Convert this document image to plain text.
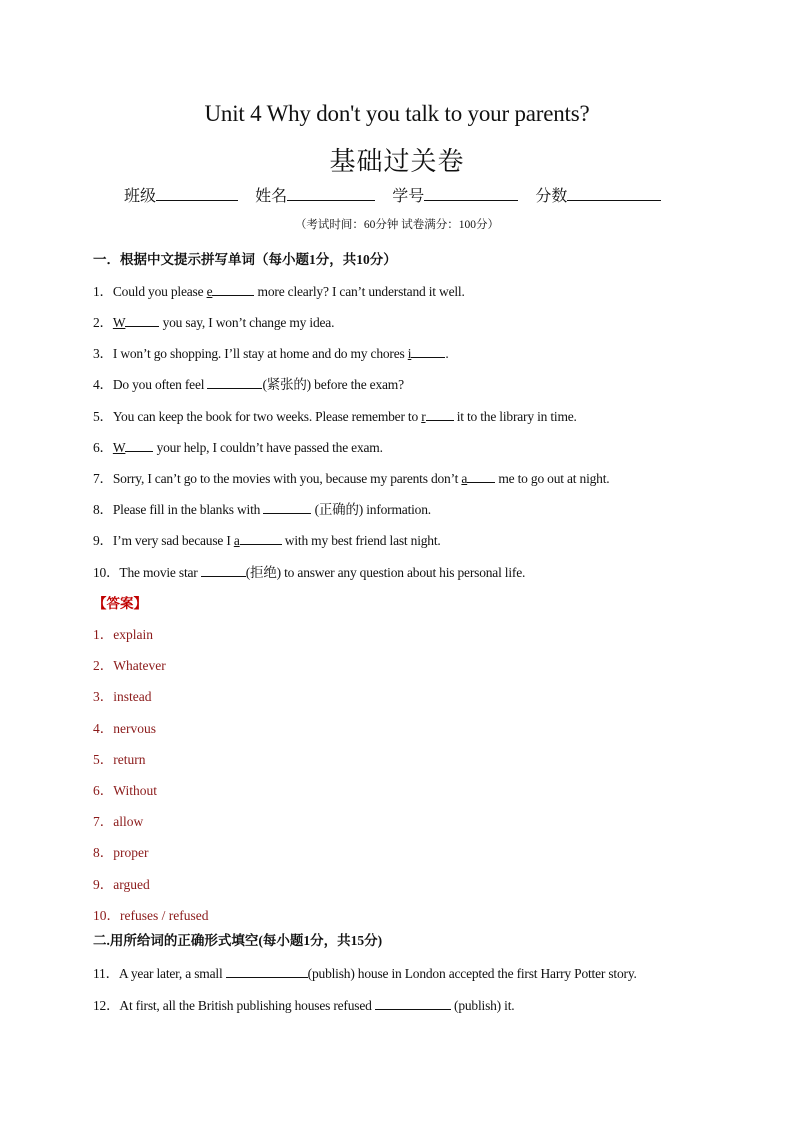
Unit 4 Why don't you talk to your parents?
基础过关卷
班级	姓名	学号	分数
（考试时间：60分钟 试卷满分：100分）
一．根据中文提示拼写单词（每小题1分，共10分）
1．Could you please e	more clearly? I can’t understand it well.
2．W	you say, I won’t change my idea.
3．I won’t go shopping. I’ll stay at home and do my chores i	.
4．Do you often feel	(紧张的) before the exam?
5．You can keep the book for two weeks. Please remember to r it to the library in time.
6．W your help, I couldn’t have passed the exam.
7．Sorry, I can’t go to the movies with you, because my parents don’t a me to go out at night.
8．Please fill in the blanks with	(正确的) information.
9．I’m very sad because I a	with my best friend last night.
10．The movie star	(拒绝) to answer any question about his personal life.
【答案】
1．explain
2．Whatever
3．instead
4．nervous
5．return
6．Without
7．allow
8．proper
9．argued
10．refuses / refused
二.用所给词的正确形式填空(每小题1分，共15分)
11．A year later, a small	(publish) house in London accepted the first Harry Potter story.
12．At first, all the British publishing houses refused	(publish) it.
